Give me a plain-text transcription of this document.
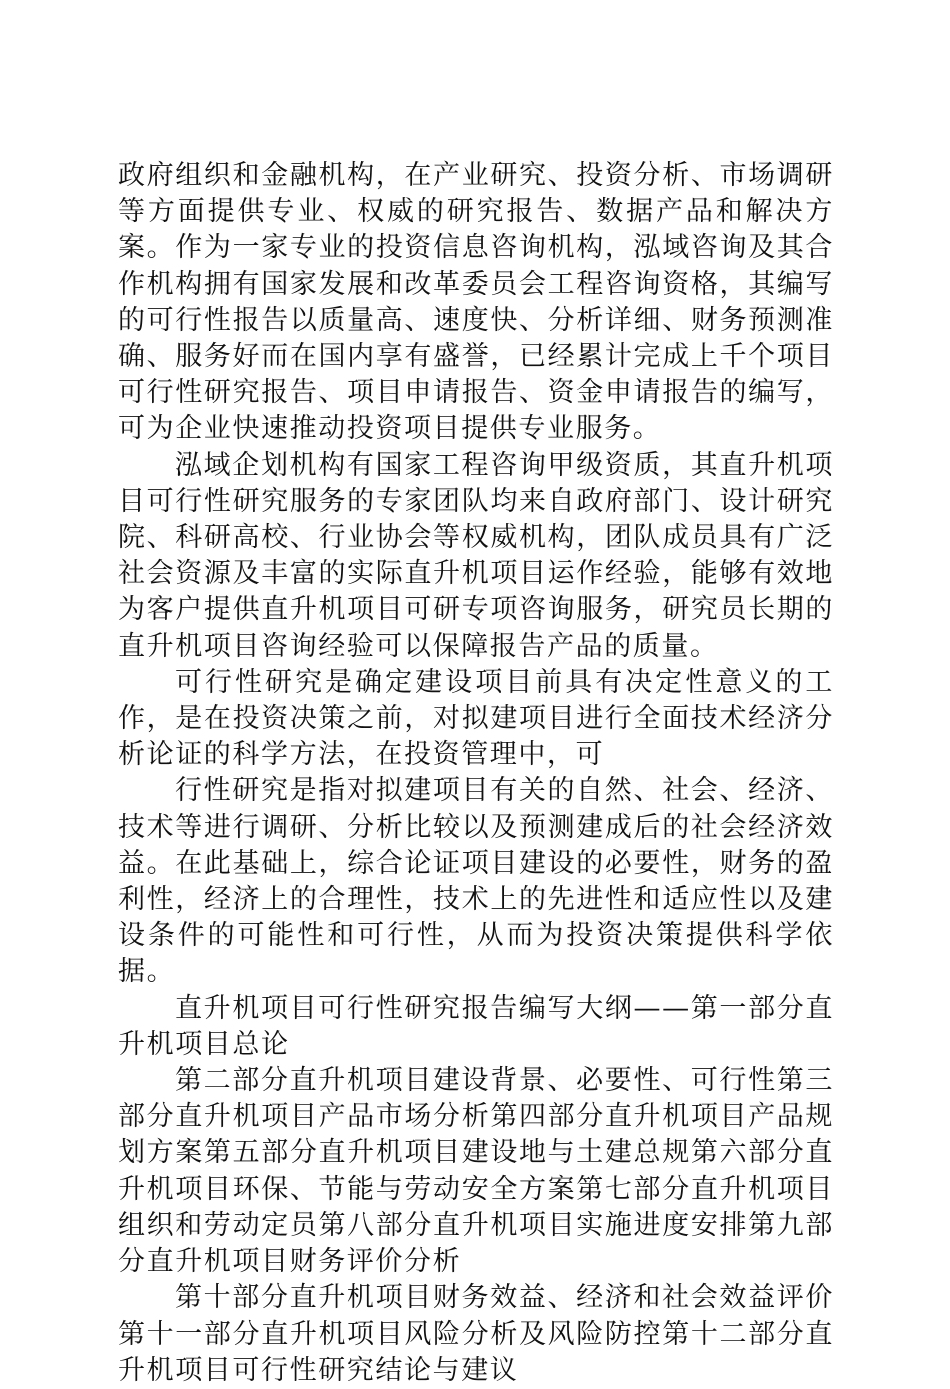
政府组织和金融机构，在产业研究、投资分析、市场调研等方面提供专业、权威的研究报告、数据产品和解决方案。作为一家专业的投资信息咨询机构，泓域咨询及其合作机构拥有国家发展和改革委员会工程咨询资格，其编写的可行性报告以质量高、速度快、分析详细、财务预测准确、服务好而在国内享有盛誉，已经累计完成上千个项目可行性研究报告、项目申请报告、资金申请报告的编写，可为企业快速推动投资项目提供专业服务。

泓域企划机构有国家工程咨询甲级资质，其直升机项目可行性研究服务的专家团队均来自政府部门、设计研究院、科研高校、行业协会等权威机构，团队成员具有广泛社会资源及丰富的实际直升机项目运作经验，能够有效地为客户提供直升机项目可研专项咨询服务，研究员长期的直升机项目咨询经验可以保障报告产品的质量。

可行性研究是确定建设项目前具有决定性意义的工作，是在投资决策之前，对拟建项目进行全面技术经济分析论证的科学方法，在投资管理中，可

行性研究是指对拟建项目有关的自然、社会、经济、技术等进行调研、分析比较以及预测建成后的社会经济效益。在此基础上，综合论证项目建设的必要性，财务的盈利性，经济上的合理性，技术上的先进性和适应性以及建设条件的可能性和可行性，从而为投资决策提供科学依据。

直升机项目可行性研究报告编写大纲——第一部分直升机项目总论

第二部分直升机项目建设背景、必要性、可行性第三部分直升机项目产品市场分析第四部分直升机项目产品规划方案第五部分直升机项目建设地与土建总规第六部分直升机项目环保、节能与劳动安全方案第七部分直升机项目组织和劳动定员第八部分直升机项目实施进度安排第九部分直升机项目财务评价分析

第十部分直升机项目财务效益、经济和社会效益评价第十一部分直升机项目风险分析及风险防控第十二部分直升机项目可行性研究结论与建议
